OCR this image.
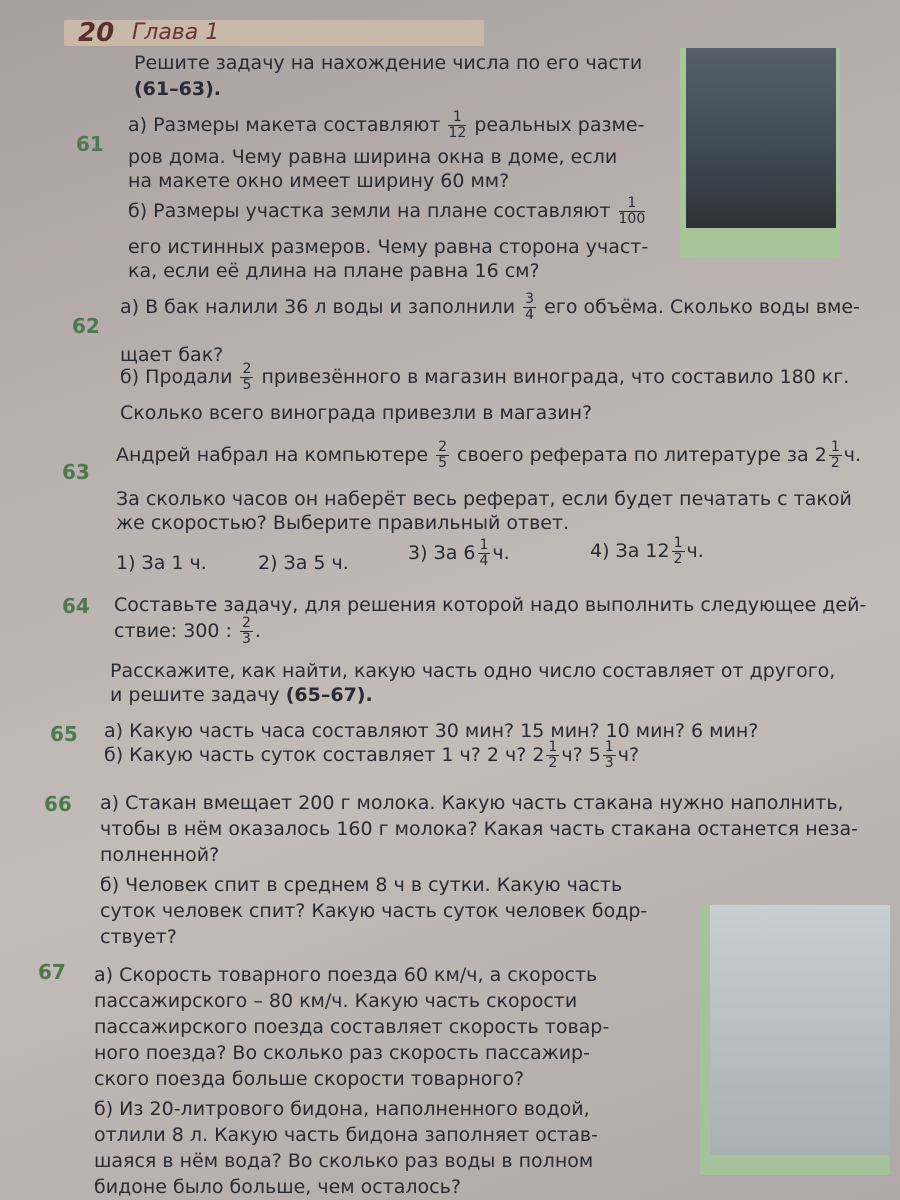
20 Глава 1
Решите задачу на нахождение числа по его части
(61–63).
61
а) Размеры макета составляют $\frac{1}{12}$ реальных разме-
ров дома. Чему равна ширина окна в доме, если
на макете окно имеет ширину 60 мм?
б) Размеры участка земли на плане составляют $\frac{1}{100}$
его истинных размеров. Чему равна сторона участ-
ка, если её длина на плане равна 16 см?
62
а) В бак налили 36 л воды и заполнили $\frac{3}{4}$ его объёма. Сколько воды вме-
щает бак?
б) Продали $\frac{2}{5}$ привезённого в магазин винограда, что составило 180 кг.
Сколько всего винограда привезли в магазин?
63
Андрей набрал на компьютере $\frac{2}{5}$ своего реферата по литературе за $2 \frac{1}{2} ч$.
За сколько часов он наберёт весь реферат, если будет печатать с такой
же скоростью? Выберите правильный ответ.
1) За 1 ч.	2) За 5 ч.	3) За $6 \frac{1}{4} ч$.	4) За $12 \frac{1}{2} ч$.
64 Составьте задачу, для решения которой надо выполнить следующее дей-
ствие: 300 : $\frac{2}{3}$ .
Расскажите, как найти, какую часть одно число составляет от другого,
и решите задачу (65–67).
65 а) Какую часть часа составляют 30 мин? 15 мин? 10 мин? 6 мин?
б) Какую часть суток составляет 1 ч? 2 ч? $2 \frac{1}{2} ч$? $5 \frac{1}{3} ч$?
66 а) Стакан вмещает 200 г молока. Какую часть стакана нужно наполнить,
чтобы в нём оказалось 160 г молока? Какая часть стакана останется неза-
полненной?
б) Человек спит в среднем 8 ч в сутки. Какую часть
суток человек спит? Какую часть суток человек бодр-
ствует?
67 а) Скорость товарного поезда 60 км/ч, а скорость
пассажирского – 80 км/ч. Какую часть скорости
пассажирского поезда составляет скорость товар-
ного поезда? Во сколько раз скорость пассажир-
ского поезда больше скорости товарного?
б) Из 20-литрового бидона, наполненного водой,
отлили 8 л. Какую часть бидона заполняет остав-
шаяся в нём вода? Во сколько раз воды в полном
бидоне было больше, чем осталось?
